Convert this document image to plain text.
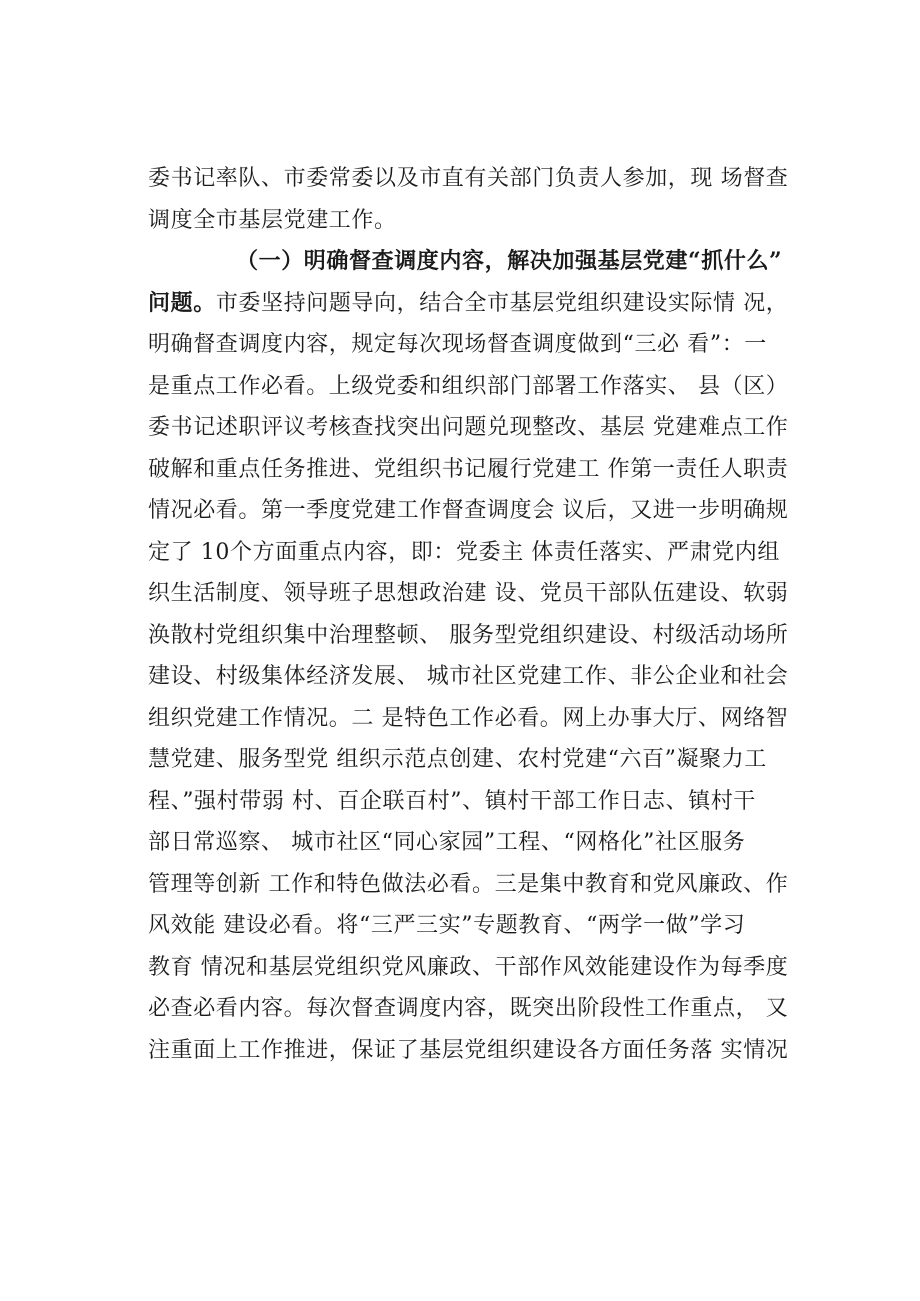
委书记率队、市委常委以及市直有关部门负责人参加，现 场督查
调度全市基层党建工作。
（一）明确督查调度内容，解决加强基层党建“抓什么”
问题。市委坚持问题导向，结合全市基层党组织建设实际情 况，
明确督查调度内容，规定每次现场督查调度做到“三必 看”：一
是重点工作必看。上级党委和组织部门部署工作落实、 县（区）
委书记述职评议考核查找突出问题兑现整改、基层 党建难点工作
破解和重点任务推进、党组织书记履行党建工 作第一责任人职责
情况必看。第一季度党建工作督查调度会 议后，又进一步明确规
定了 10个方面重点内容，即：党委主 体责任落实、严肃党内组
织生活制度、领导班子思想政治建 设、党员干部队伍建设、软弱
涣散村党组织集中治理整顿、 服务型党组织建设、村级活动场所
建设、村级集体经济发展、 城市社区党建工作、非公企业和社会
组织党建工作情况。二 是特色工作必看。网上办事大厅、网络智
慧党建、服务型党 组织示范点创建、农村党建“六百”凝聚力工
程、”强村带弱 村、百企联百村”、镇村干部工作日志、镇村干
部日常巡察、 城市社区“同心家园”工程、“网格化”社区服务
管理等创新 工作和特色做法必看。三是集中教育和党风廉政、作
风效能 建设必看。将“三严三实”专题教育、“两学一做”学习
教育 情况和基层党组织党风廉政、干部作风效能建设作为每季度
必查必看内容。每次督查调度内容，既突出阶段性工作重点， 又
注重面上工作推进，保证了基层党组织建设各方面任务落 实情况
